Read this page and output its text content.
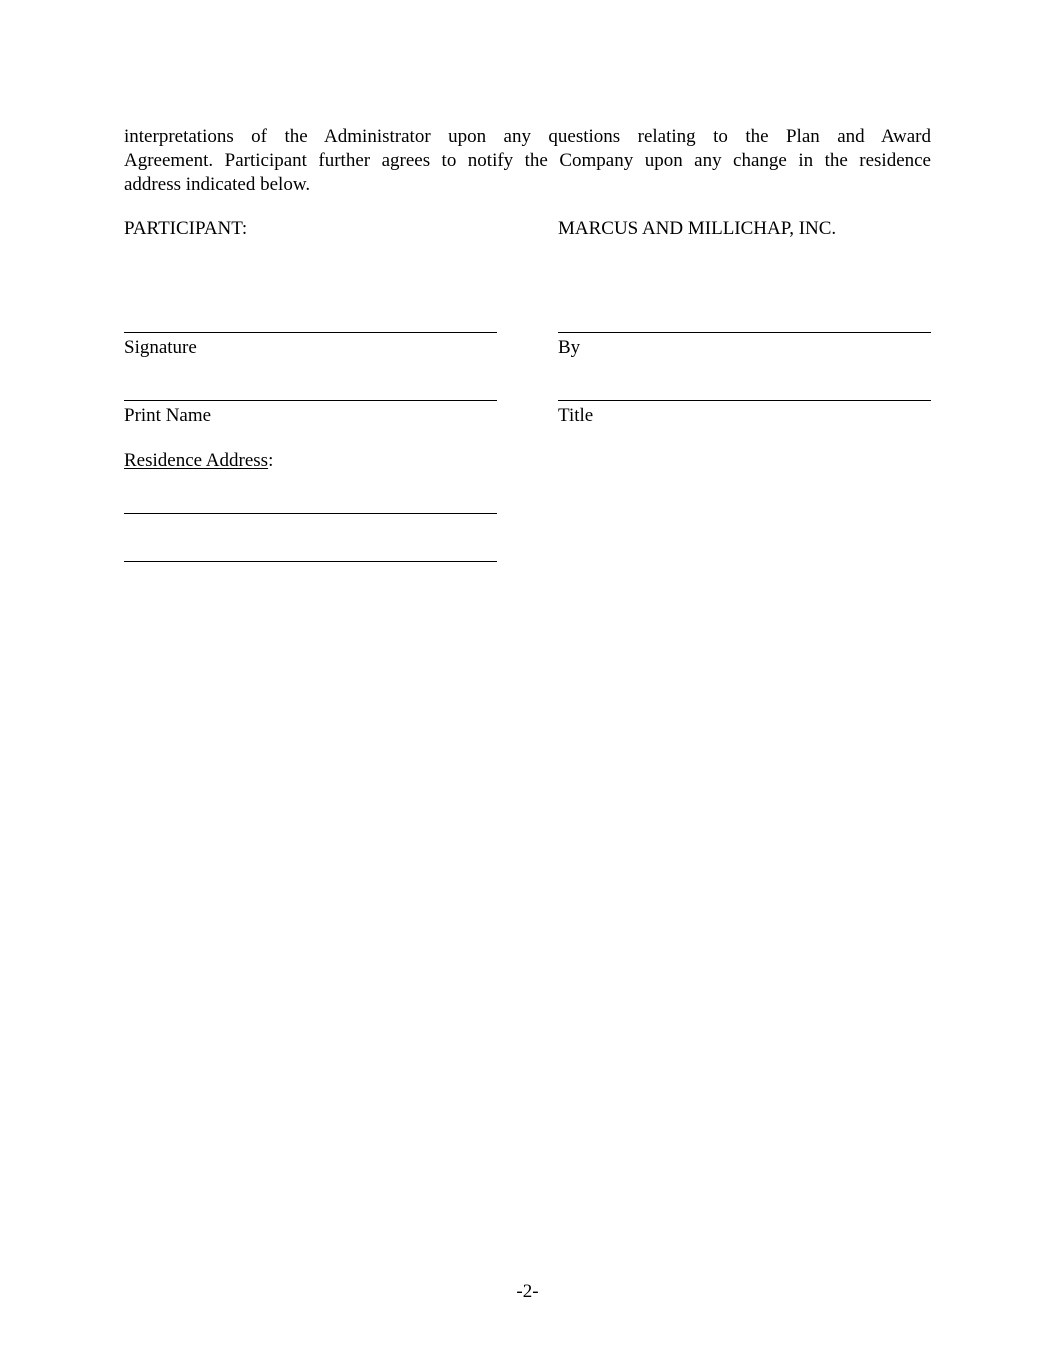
interpretations of the Administrator upon any questions relating to the Plan and Award
Agreement. Participant further agrees to notify the Company upon any change in the residence
address indicated below.
PARTICIPANT:
Signature
Print Name
Residence Address:
MARCUS AND MILLICHAP, INC.
By
Title
-2-
